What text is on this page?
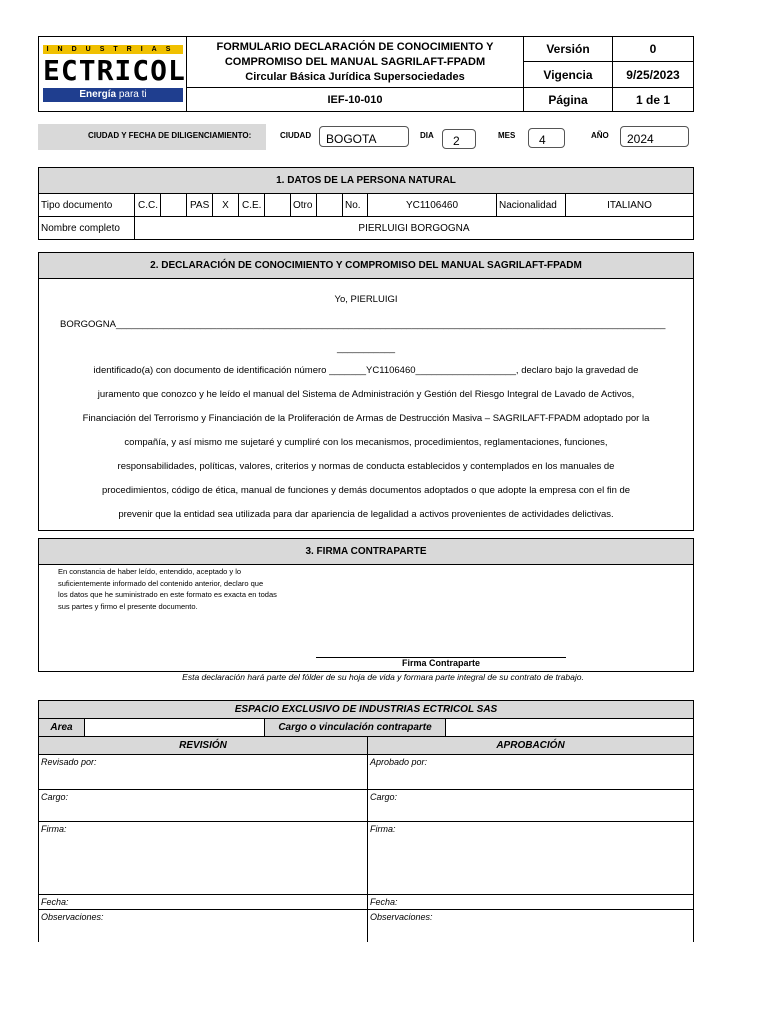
INDUSTRIAS
ECTRICOL
Energía para ti
FORMULARIO DECLARACIÓN DE CONOCIMIENTO Y
COMPROMISO DEL MANUAL SAGRILAFT-FPADM
Circular Básica Jurídica Supersociedades
IEF-10-010
Versión	0
Vigencia	9/25/2023
Página	1 de 1
CIUDAD Y FECHA DE DILIGENCIAMIENTO:	CIUDAD	BOGOTA	DIA	2	MES	4	AÑO	2024
1. DATOS DE LA PERSONA NATURAL
Tipo documento	C.C.	PAS	X	C.E.	Otro	No.	YC1106460	Nacionalidad	ITALIANO
Nombre completo	PIERLUIGI BORGOGNA
2. DECLARACIÓN DE CONOCIMIENTO Y COMPROMISO DEL MANUAL SAGRILAFT-FPADM
Yo, PIERLUIGI
BORGOGNA________________________________________________________________________________________________________
___________
identificado(a) con documento de identificación número _______YC1106460___________________, declaro bajo la gravedad de
juramento que conozco y he leído el manual del Sistema de Administración y Gestión del Riesgo Integral de Lavado de Activos,
Financiación del Terrorismo y Financiación de la Proliferación de Armas de Destrucción Masiva – SAGRILAFT-FPADM adoptado por la
compañía, y así mismo me sujetaré y cumpliré con los mecanismos, procedimientos, reglamentaciones, funciones,
responsabilidades, políticas, valores, criterios y normas de conducta establecidos y contemplados en los manuales de
procedimientos, código de ética, manual de funciones y demás documentos adoptados o que adopte la empresa con el fin de
prevenir que la entidad sea utilizada para dar apariencia de legalidad a activos provenientes de actividades delictivas.
3. FIRMA CONTRAPARTE
En constancia de haber leído, entendido, aceptado y lo
suficientemente informado del contenido anterior, declaro que
los datos que he suministrado en este formato es exacta en todas
sus partes y firmo el presente documento.
Firma Contraparte
Esta declaración hará parte del fólder de su hoja de vida y formara parte integral de su contrato de trabajo.
ESPACIO EXCLUSIVO DE INDUSTRIAS ECTRICOL SAS
Area	Cargo o vinculación contraparte
REVISIÓN	APROBACIÓN
Revisado por:	Aprobado por:
Cargo:	Cargo:
Firma:	Firma:
Fecha:	Fecha:
Observaciones:	Observaciones:
